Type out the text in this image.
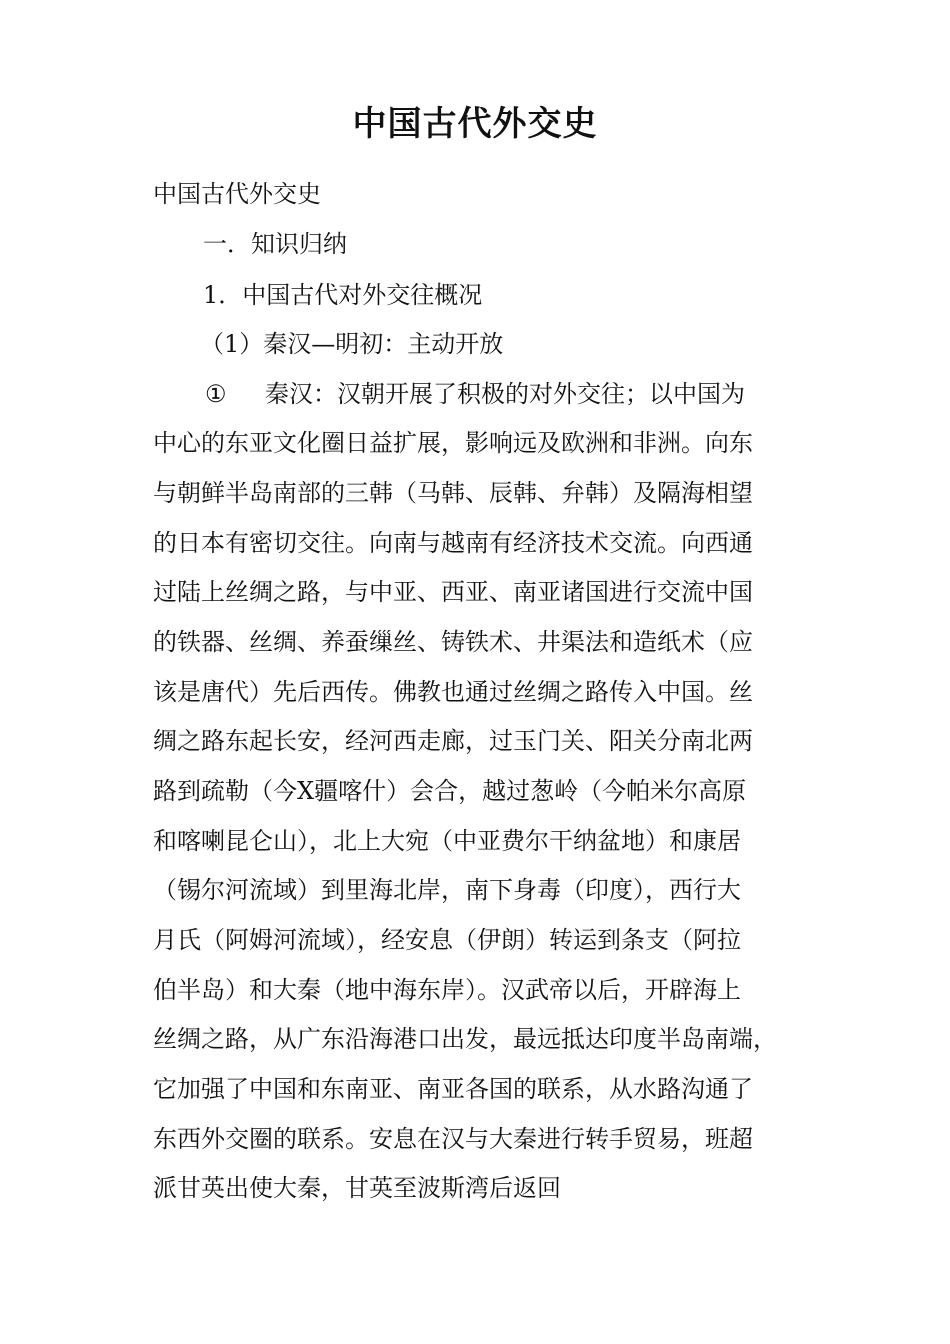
中国古代外交史
中国古代外交史
一．知识归纳
1．中国古代对外交往概况
（1）秦汉—明初：主动开放
① 秦汉：汉朝开展了积极的对外交往；以中国为
中心的东亚文化圈日益扩展，影响远及欧洲和非洲。向东
与朝鲜半岛南部的三韩（马韩、辰韩、弁韩）及隔海相望
的日本有密切交往。向南与越南有经济技术交流。向西通
过陆上丝绸之路，与中亚、西亚、南亚诸国进行交流中国
的铁器、丝绸、养蚕缫丝、铸铁术、井渠法和造纸术（应
该是唐代）先后西传。佛教也通过丝绸之路传入中国。丝
绸之路东起长安，经河西走廊，过玉门关、阳关分南北两
路到疏勒（今X疆喀什）会合，越过葱岭（今帕米尔高原
和喀喇昆仑山），北上大宛（中亚费尔干纳盆地）和康居
（锡尔河流域）到里海北岸，南下身毒（印度），西行大
月氏（阿姆河流域），经安息（伊朗）转运到条支（阿拉
伯半岛）和大秦（地中海东岸）。汉武帝以后，开辟海上
丝绸之路，从广东沿海港口出发，最远抵达印度半岛南端，
它加强了中国和东南亚、南亚各国的联系，从水路沟通了
东西外交圈的联系。安息在汉与大秦进行转手贸易，班超
派甘英出使大秦，甘英至波斯湾后返回
